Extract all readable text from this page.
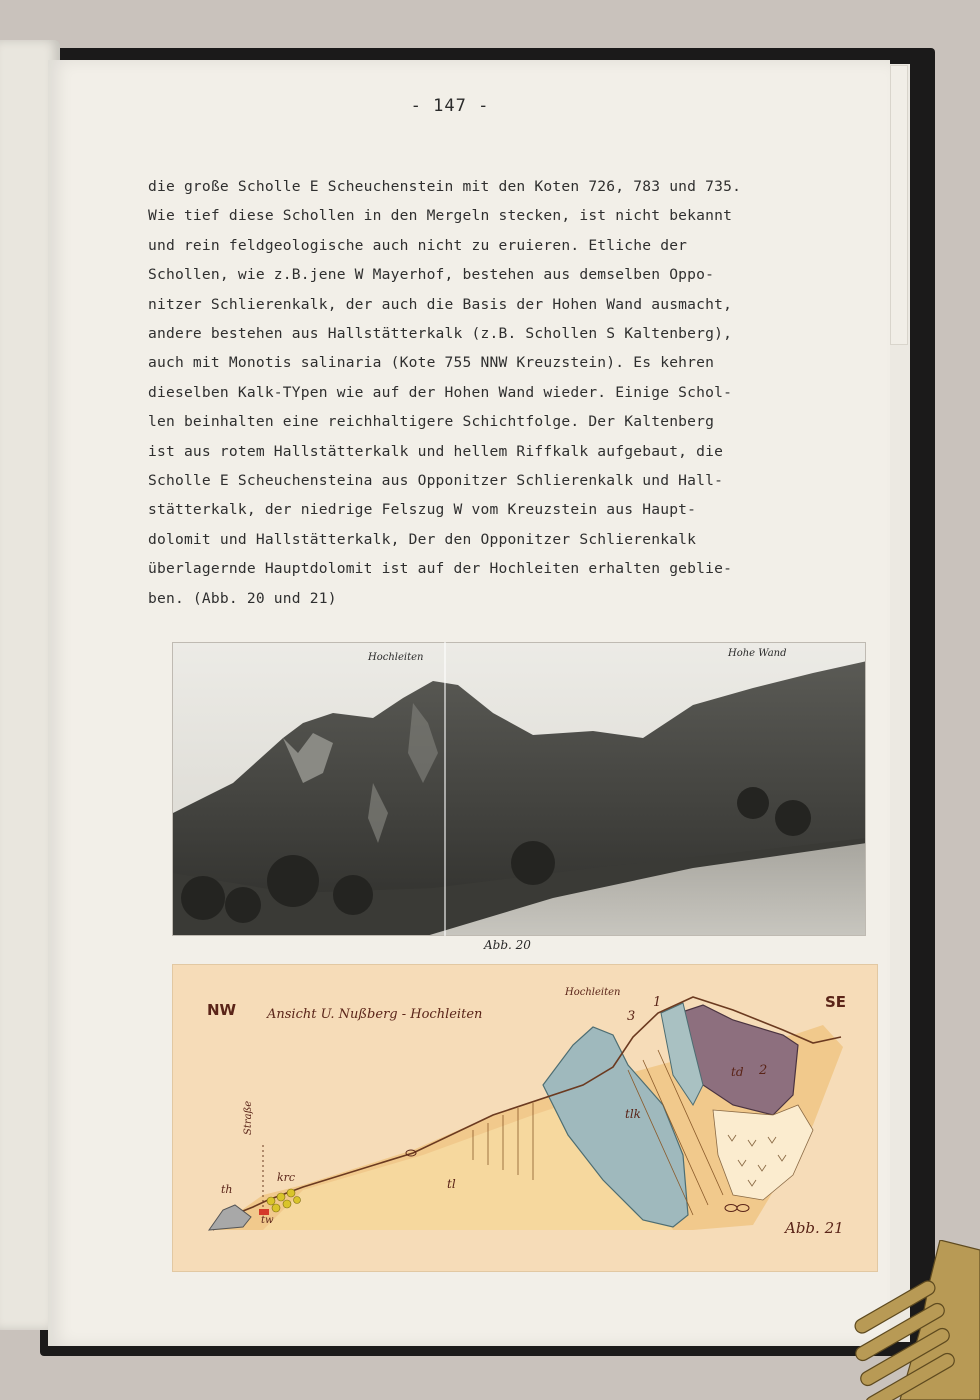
- 147 -
die große Scholle E Scheuchenstein mit den Koten 726, 783 und 735.
Wie tief diese Schollen in den Mergeln stecken, ist nicht bekannt
und rein feldgeologische auch nicht zu eruieren. Etliche der
Schollen, wie z.B.jene W Mayerhof, bestehen aus demselben Oppo-
nitzer Schlierenkalk, der auch die Basis der Hohen Wand ausmacht,
andere bestehen aus Hallstätterkalk (z.B. Schollen S Kaltenberg),
auch mit Monotis salinaria (Kote 755 NNW Kreuzstein). Es kehren
dieselben Kalk-TYpen wie auf der Hohen Wand wieder. Einige Schol-
len beinhalten eine reichhaltigere Schichtfolge. Der Kaltenberg
ist aus rotem Hallstätterkalk und hellem Riffkalk aufgebaut, die
Scholle E Scheuchensteina aus Opponitzer Schlierenkalk und Hall-
stätterkalk, der niedrige Felszug W vom Kreuzstein aus Haupt-
dolomit und Hallstätterkalk, Der den Opponitzer Schlierenkalk
überlagernde Hauptdolomit ist auf der Hochleiten erhalten geblie-
ben. (Abb. 20 und 21)
Hochleiten	Hohe Wand
Abb. 20
NW	SE
Ansicht U. Nußberg - Hochleiten
Hochleiten
Straße
th
tw
krc	tl
tlk
td
1
2
3
Abb. 21
